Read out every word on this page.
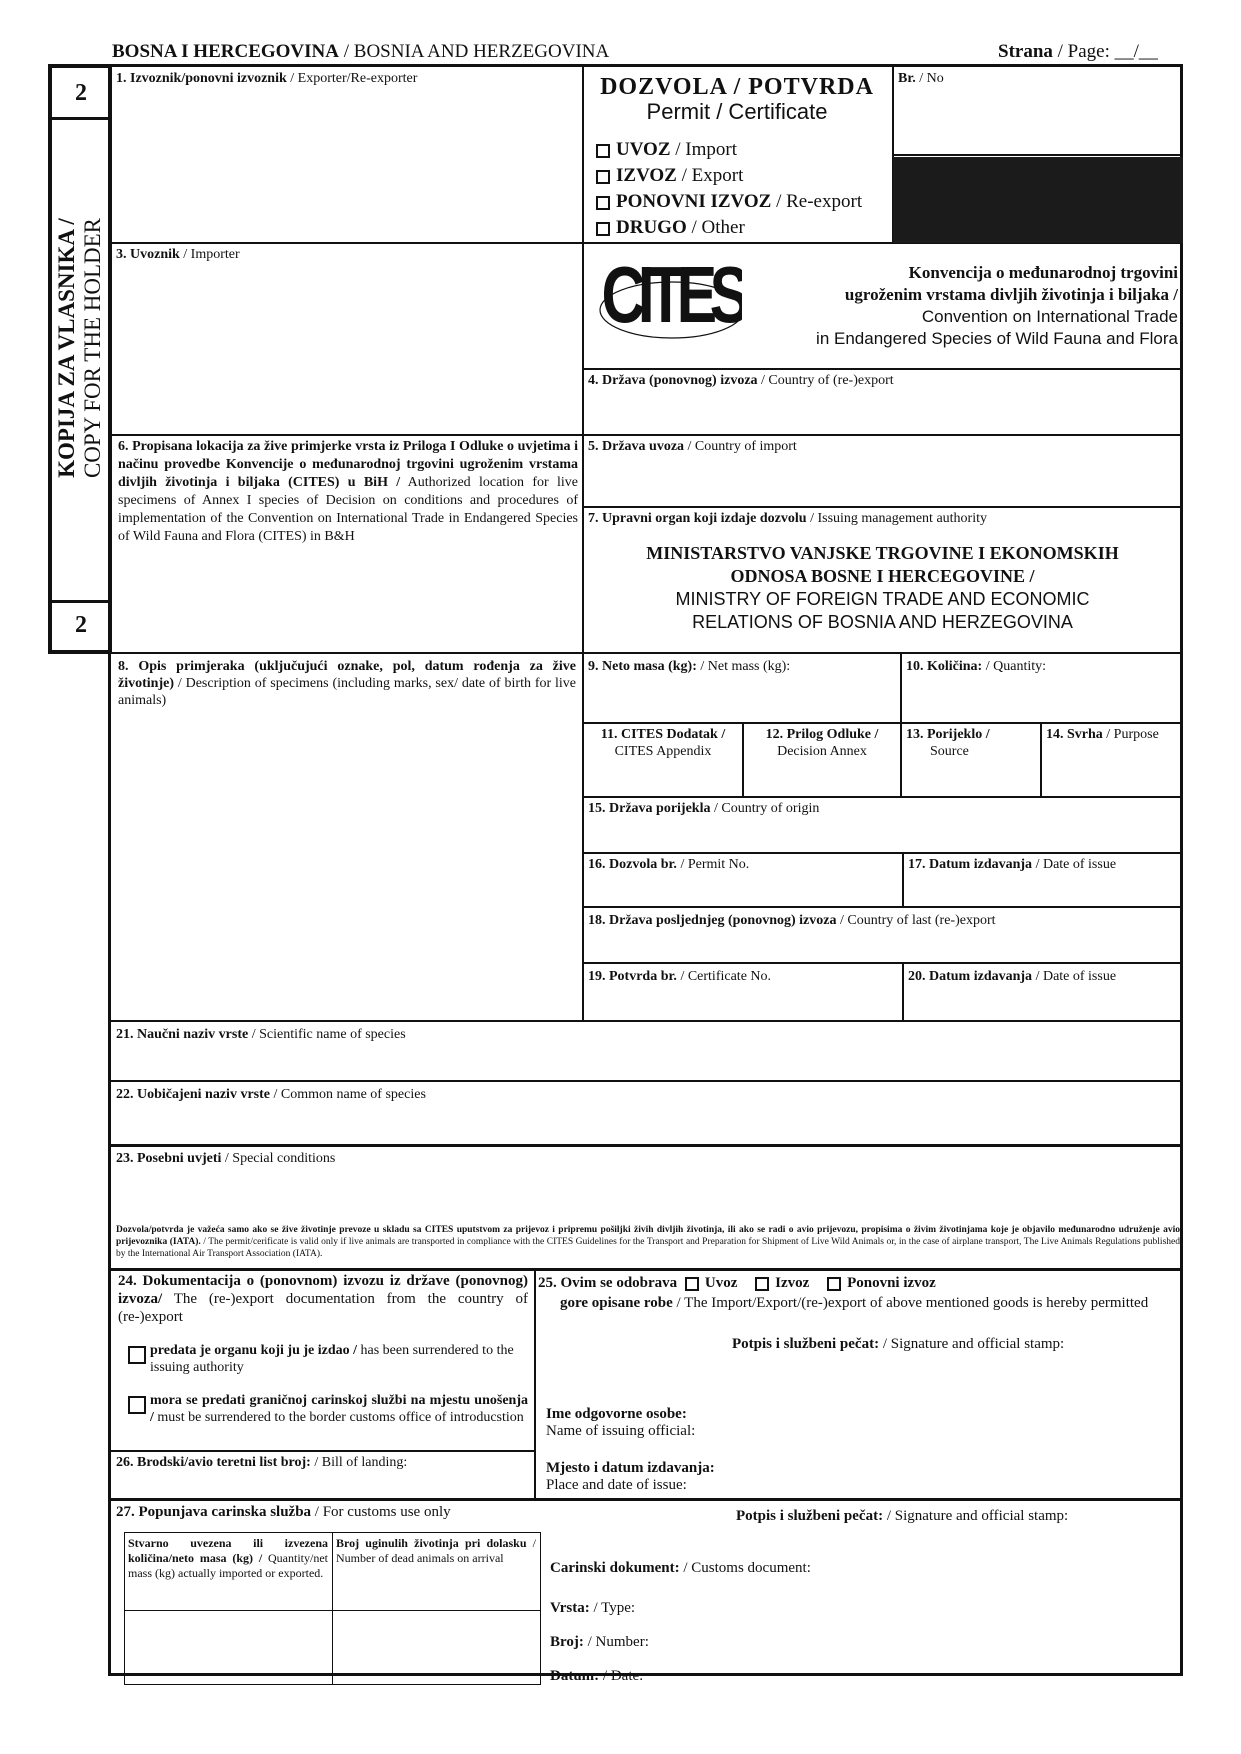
BOSNA I HERCEGOVINA / BOSNIA AND HERZEGOVINA	Strana / Page: __/__
2
2
KOPIJA ZA VLASNIKA / COPY FOR THE HOLDER
1. Izvoznik/ponovni izvoznik / Exporter/Re-exporter	DOZVOLA / POTVRDA
Permit / Certificate
UVOZ / Import
IZVOZ / Export
PONOVNI IZVOZ / Re-export
DRUGO / Other
Br. / No
CITES	Konvencija o međunarodnoj trgovini
ugroženim vrstama divljih životinja i biljaka /
Convention on International Trade
in Endangered Species of Wild Fauna and Flora
3. Uvoznik / Importer
4. Država (ponovnog) izvoza / Country of (re-)export
5. Država uvoza / Country of import
6. Propisana lokacija za žive primjerke vrsta iz Priloga I Odluke o uvjetima i načinu provedbe Konvencije o međunarodnoj trgovini ugroženim vrstama divljih životinja i biljaka (CITES) u BiH / Authorized location for live specimens of Annex I species of Decision on conditions and procedures of implementation of the Convention on International Trade in Endangered Species of Wild Fauna and Flora (CITES) in B&H
7. Upravni organ koji izdaje dozvolu / Issuing management authority
MINISTARSTVO VANJSKE TRGOVINE I EKONOMSKIH
ODNOSA BOSNE I HERCEGOVINE /
MINISTRY OF FOREIGN TRADE AND ECONOMIC
RELATIONS OF BOSNIA AND HERZEGOVINA
8. Opis primjeraka (uključujući oznake, pol, datum rođenja za žive životinje) / Description of specimens (including marks, sex/ date of birth for live animals)
9. Neto masa (kg): / Net mass (kg):	10. Količina: / Quantity:
11. CITES Dodatak /
CITES Appendix
12. Prilog Odluke /
Decision Annex
13. Porijeklo /
Source
14. Svrha / Purpose
15. Država porijekla / Country of origin
16. Dozvola br. / Permit No.	17. Datum izdavanja / Date of issue
18. Država posljednjeg (ponovnog) izvoza / Country of last (re-)export
19. Potvrda br. / Certificate No.	20. Datum izdavanja / Date of issue
21. Naučni naziv vrste / Scientific name of species
22. Uobičajeni naziv vrste / Common name of species
23. Posebni uvjeti / Special conditions
Dozvola/potvrda je važeća samo ako se žive životinje prevoze u skladu sa CITES uputstvom za prijevoz i pripremu pošiljki živih divljih životinja, ili ako se radi o avio prijevozu, propisima o živim životinjama koje je objavilo međunarodno udruženje avio prijevoznika (IATA). / The permit/cerificate is valid only if live animals are transported in compliance with the CITES Guidelines for the Transport and Preparation for Shipment of Live Wild Animals or, in the case of airplane transport, The Live Animals Regulations published by the International Air Transport Association (IATA).
24. Dokumentacija o (ponovnom) izvozu iz države (ponovnog) izvoza/ The (re-)export documentation from the country of (re-)export
predata je organu koji ju je izdao / has been surrendered to the issuing authority
mora se predati graničnoj carinskoj službi na mjestu unošenja / must be surrendered to the border customs office of introducstion
26. Brodski/avio teretni list broj: / Bill of landing:
25. Ovim se odobrava Uvoz	Izvoz	Ponovni izvoz
gore opisane robe / The Import/Export/(re-)export of above mentioned goods is hereby permitted
Potpis i službeni pečat: / Signature and official stamp:
Ime odgovorne osobe:
Name of issuing official:
Mjesto i datum izdavanja:
Place and date of issue:
27. Popunjava carinska služba / For customs use only
Stvarno uvezena ili izvezena količina/neto masa (kg) / Quantity/net mass (kg) actually imported or exported.
Broj uginulih životinja pri dolasku / Number of dead animals on arrival
Potpis i službeni pečat: / Signature and official stamp:
Carinski dokument: / Customs document:
Vrsta: / Type:
Broj: / Number:
Datum: / Date:
